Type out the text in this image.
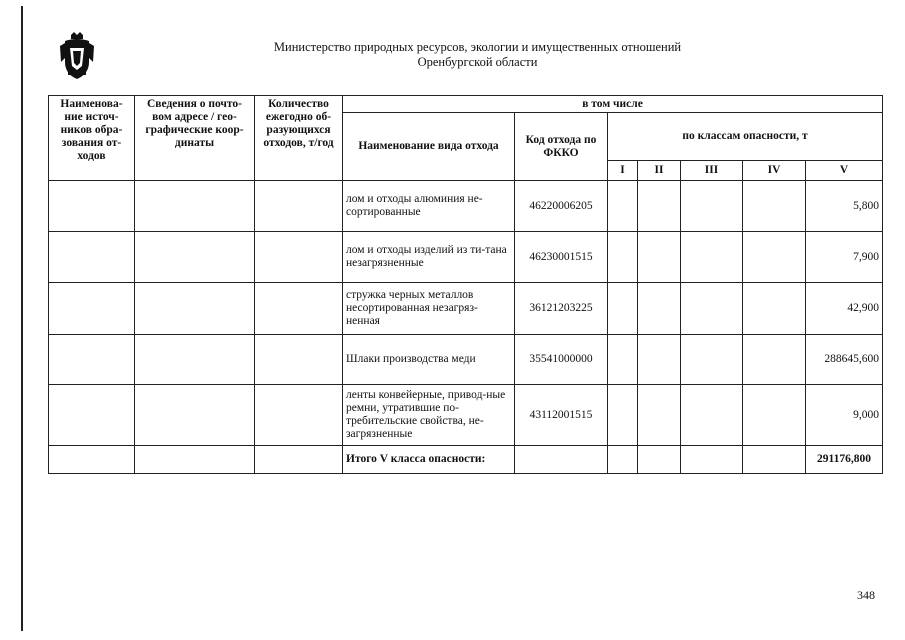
Министерство природных ресурсов, экологии и имущественных отношений
Оренбургской области
Наименова-ние источ-ников обра-зования от-ходов	Сведения о почто-вом адресе / гео-графические коор-динаты	Количество ежегодно об-разующихся отходов, т/год	в том числе						
			Наименование вида отхода	Код отхода по ФККО	по классам опасности, т				
					I	II	III	IV	V
			лом и отходы алюминия не-сортированные	46220006205					5,800
			лом и отходы изделий из ти-тана незагрязненные	46230001515					7,900
			стружка черных металлов несортированная незагряз-ненная	36121203225					42,900
			Шлаки производства меди	35541000000					288645,600
			ленты конвейерные, привод-ные ремни, утратившие по-требительские свойства, не-загрязненные	43112001515					9,000
			Итого V класса опасности:						291176,800
348
